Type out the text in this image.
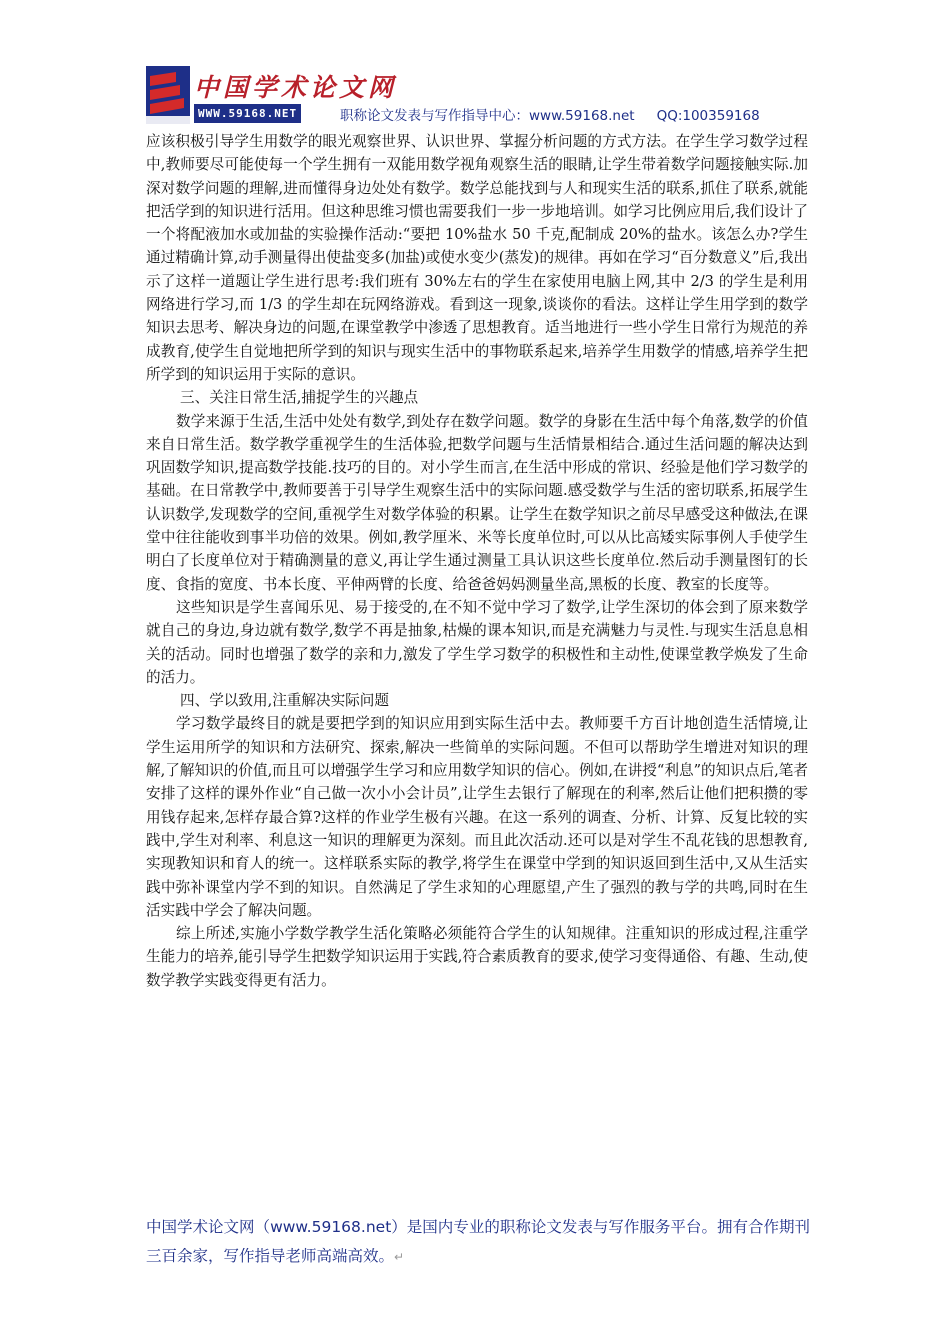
中国学术论文网
WWW.59168.NET	职称论文发表与写作指导中心：www.59168.net QQ:100359168

应该积极引导学生用数学的眼光观察世界、认识世界、掌握分析问题的方式方法。在学生学习数学过程中,教师要尽可能使每一个学生拥有一双能用数学视角观察生活的眼睛,让学生带着数学问题接触实际.加深对数学问题的理解,进而懂得身边处处有数学。数学总能找到与人和现实生活的联系,抓住了联系,就能把活学到的知识进行活用。但这种思维习惯也需要我们一步一步地培训。如学习比例应用后,我们设计了一个将配液加水或加盐的实验操作活动:“要把 10%盐水 50 千克,配制成 20%的盐水。该怎么办?学生通过精确计算,动手测量得出使盐变多(加盐)或使水变少(蒸发)的规律。再如在学习“百分数意义”后,我出示了这样一道题让学生进行思考:我们班有 30%左右的学生在家使用电脑上网,其中 2/3 的学生是利用网络进行学习,而 1/3 的学生却在玩网络游戏。看到这一现象,谈谈你的看法。这样让学生用学到的数学知识去思考、解决身边的问题,在课堂教学中渗透了思想教育。适当地进行一些小学生日常行为规范的养成教育,使学生自觉地把所学到的知识与现实生活中的事物联系起来,培养学生用数学的情感,培养学生把所学到的知识运用于实际的意识。

三、关注日常生活,捕捉学生的兴趣点

数学来源于生活,生活中处处有数学,到处存在数学问题。数学的身影在生活中每个角落,数学的价值来自日常生活。数学教学重视学生的生活体验,把数学问题与生活情景相结合.通过生活问题的解决达到巩固数学知识,提高数学技能.技巧的目的。对小学生而言,在生活中形成的常识、经验是他们学习数学的基础。在日常教学中,教师要善于引导学生观察生活中的实际问题.感受数学与生活的密切联系,拓展学生认识数学,发现数学的空间,重视学生对数学体验的积累。让学生在数学知识之前尽早感受这种做法,在课堂中往往能收到事半功倍的效果。例如,教学厘米、米等长度单位时,可以从比高矮实际事例人手使学生明白了长度单位对于精确测量的意义,再让学生通过测量工具认识这些长度单位.然后动手测量图钉的长度、食指的宽度、书本长度、平伸两臂的长度、给爸爸妈妈测量坐高,黑板的长度、教室的长度等。

这些知识是学生喜闻乐见、易于接受的,在不知不觉中学习了数学,让学生深切的体会到了原来数学就自己的身边,身边就有数学,数学不再是抽象,枯燥的课本知识,而是充满魅力与灵性.与现实生活息息相关的活动。同时也增强了数学的亲和力,激发了学生学习数学的积极性和主动性,使课堂教学焕发了生命的活力。

四、学以致用,注重解决实际问题

学习数学最终目的就是要把学到的知识应用到实际生活中去。教师要千方百计地创造生活情境,让学生运用所学的知识和方法研究、探索,解决一些简单的实际问题。不但可以帮助学生增进对知识的理解,了解知识的价值,而且可以增强学生学习和应用数学知识的信心。例如,在讲授“利息”的知识点后,笔者安排了这样的课外作业“自己做一次小小会计员”,让学生去银行了解现在的利率,然后让他们把积攒的零用钱存起来,怎样存最合算?这样的作业学生极有兴趣。在这一系列的调查、分析、计算、反复比较的实践中,学生对利率、利息这一知识的理解更为深刻。而且此次活动.还可以是对学生不乱花钱的思想教育,实现教知识和育人的统一。这样联系实际的教学,将学生在课堂中学到的知识返回到生活中,又从生活实践中弥补课堂内学不到的知识。自然满足了学生求知的心理愿望,产生了强烈的教与学的共鸣,同时在生活实践中学会了解决问题。

综上所述,实施小学数学教学生活化策略必须能符合学生的认知规律。注重知识的形成过程,注重学生能力的培养,能引导学生把数学知识运用于实践,符合素质教育的要求,使学习变得通俗、有趣、生动,使数学教学实践变得更有活力。

中国学术论文网（www.59168.net）是国内专业的职称论文发表与写作服务平台。拥有合作期刊三百余家，写作指导老师高端高效。↵
